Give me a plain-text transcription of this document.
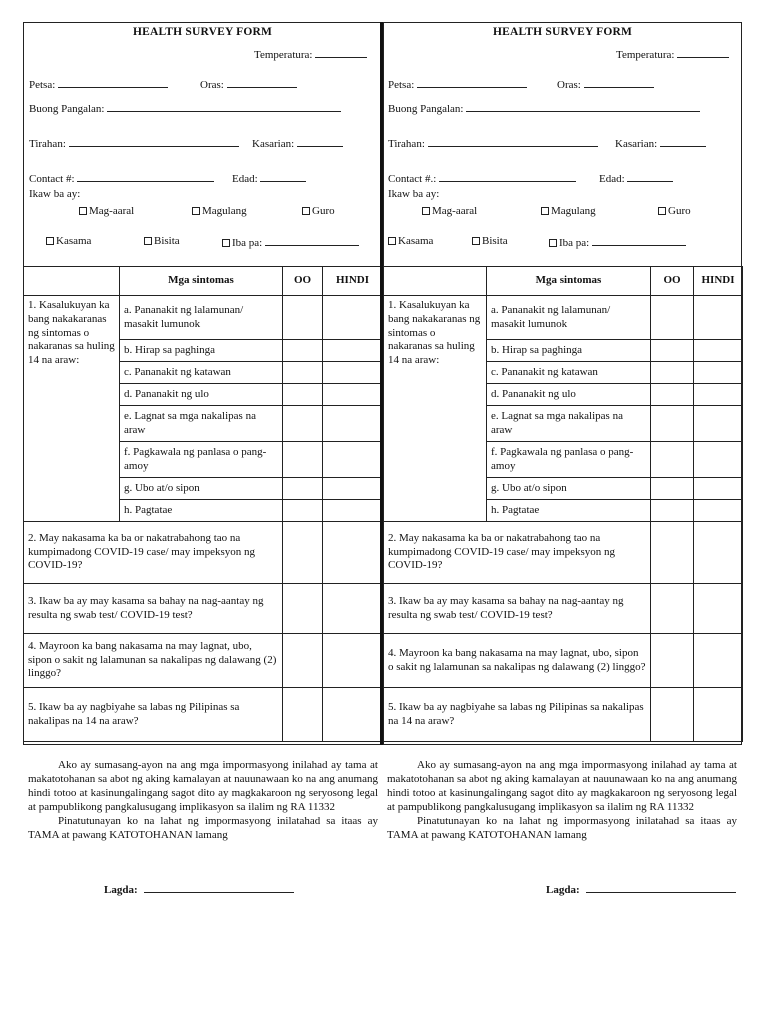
HEALTH SURVEY FORM
Temperatura:
Petsa:	Oras:
Buong Pangalan:
Tirahan:	Kasarian:
Contact #:	Edad:
Ikaw ba ay:
Mag-aaral	Magulang	Guro
Kasama	Bisita	Iba pa:
	Mga sintomas	OO	HINDI
1. Kasalukuyan ka bang nakakaranas ng sintomas o nakaranas sa huling 14 na araw:	a. Pananakit ng lalamunan/ masakit lumunok		
	b. Hirap sa paghinga		
	c. Pananakit ng katawan		
	d. Pananakit ng ulo		
	e. Lagnat sa mga nakalipas na araw		
	f. Pagkawala ng panlasa o pang-amoy		
	g. Ubo at/o sipon		
	h. Pagtatae		
2. May nakasama ka ba or nakatrabahong tao na kumpimadong COVID-19 case/ may impeksyon ng COVID-19?			
3. Ikaw ba ay may kasama sa bahay na nag-aantay ng resulta ng swab test/ COVID-19 test?			
4. Mayroon ka bang nakasama na may lagnat, ubo, sipon o sakit ng lalamunan sa nakalipas ng dalawang (2) linggo?			
5. Ikaw ba ay nagbiyahe sa labas ng Pilipinas sa nakalipas na 14 na araw?			
HEALTH SURVEY FORM
Temperatura:
Petsa:	Oras:
Buong Pangalan:
Tirahan:	Kasarian:
Contact #.:	Edad:
Ikaw ba ay:
Mag-aaral	Magulang	Guro
Kasama	Bisita	Iba pa:
	Mga sintomas	OO	HINDI
1. Kasalukuyan ka bang nakakaranas ng sintomas o nakaranas sa huling 14 na araw:	a. Pananakit ng lalamunan/ masakit lumunok		
	b. Hirap sa paghinga		
	c. Pananakit ng katawan		
	d. Pananakit ng ulo		
	e. Lagnat sa mga nakalipas na araw		
	f. Pagkawala ng panlasa o pang-amoy		
	g. Ubo at/o sipon		
	h. Pagtatae		
2. May nakasama ka ba or nakatrabahong tao na kumpimadong COVID-19 case/ may impeksyon ng COVID-19?			
3. Ikaw ba ay may kasama sa bahay na nag-aantay ng resulta ng swab test/ COVID-19 test?			
4. Mayroon ka bang nakasama na may lagnat, ubo, sipon o sakit ng lalamunan sa nakalipas ng dalawang (2) linggo?			
5. Ikaw ba ay nagbiyahe sa labas ng Pilipinas sa nakalipas na 14 na araw?			

Ako ay sumasang-ayon na ang mga impormasyong inilahad ay tama at makatotohanan sa abot ng aking kamalayan at nauunawaan ko na ang anumang hindi totoo at kasinungalingang sagot dito ay magkakaroon ng seryosong legal at pampublikong pangkalusugang implikasyon sa ilalim ng RA 11332

Pinatutunayan ko na lahat ng impormasyong inilatahad sa itaas ay TAMA at pawang KATOTOHANAN lamang

Ako ay sumasang-ayon na ang mga impormasyong inilahad ay tama at makatotohanan sa abot ng aking kamalayan at nauunawaan ko na ang anumang hindi totoo at kasinungalingang sagot dito ay magkakaroon ng seryosong legal at pampublikong pangkalusugang implikasyon sa ilalim ng RA 11332

Pinatutunayan ko na lahat ng impormasyong inilatahad sa itaas ay TAMA at pawang KATOTOHANAN lamang

Lagda:	Lagda:
